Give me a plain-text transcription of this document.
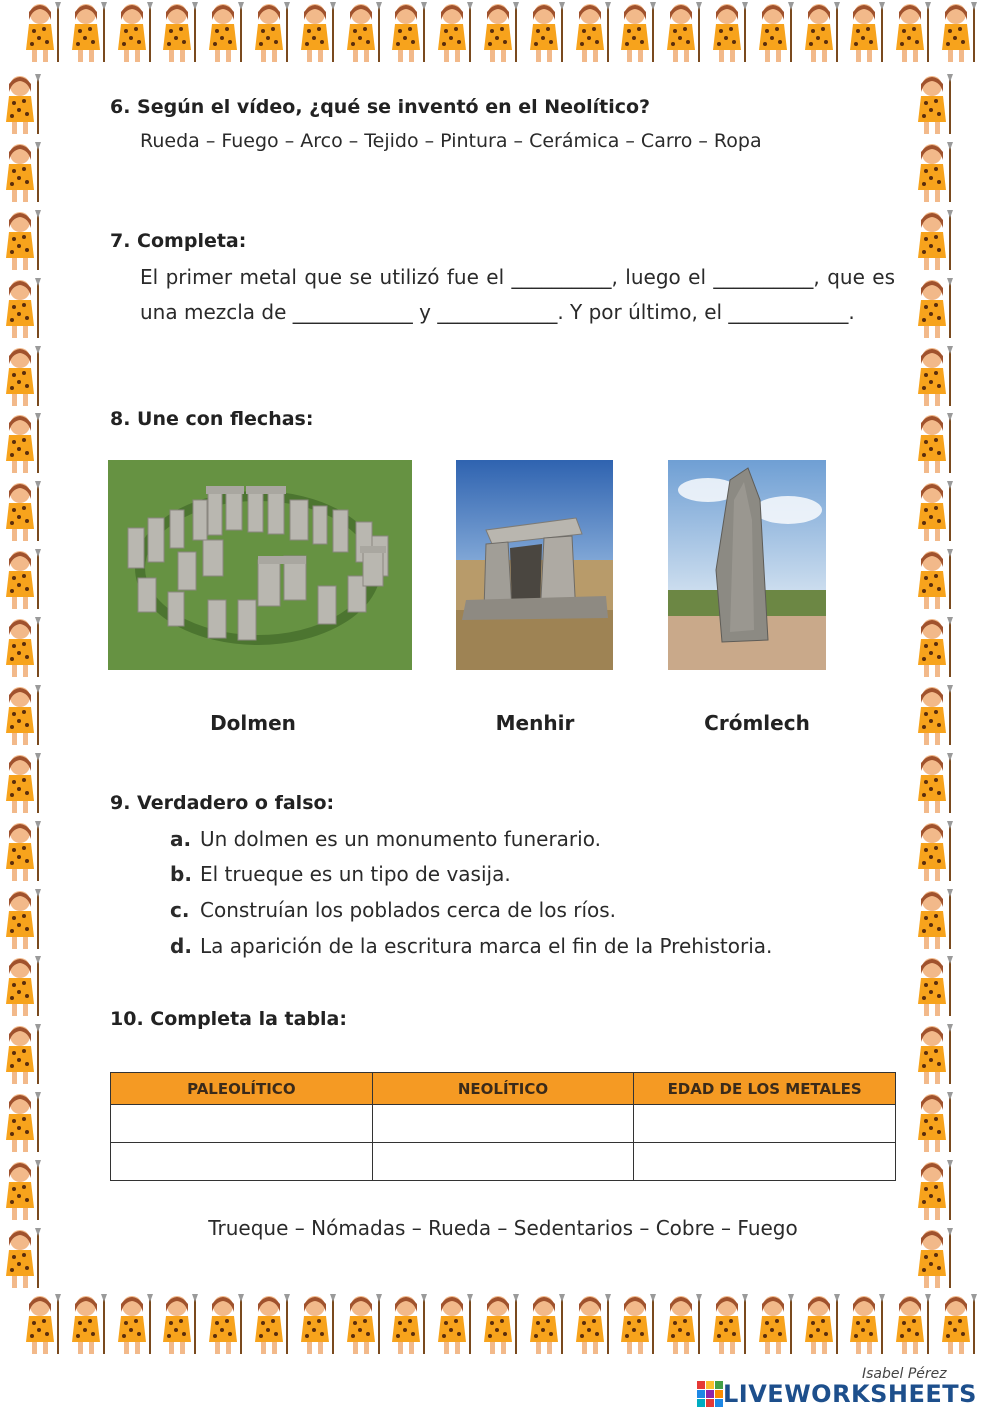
6. Según el vídeo, ¿qué se inventó en el Neolítico?
Rueda – Fuego – Arco – Tejido – Pintura – Cerámica – Carro – Ropa
7. Completa:
El primer metal que se utilizó fue el __________, luego el __________, que es una mezcla de ____________ y ____________. Y por último, el ____________.
8. Une con flechas:
Dolmen	Menhir	Crómlech
9. Verdadero o falso:
a. Un dolmen es un monumento funerario.
b. El trueque es un tipo de vasija.
c. Construían los poblados cerca de los ríos.
d. La aparición de la escritura marca el fin de la Prehistoria.
10. Completa la tabla:
PALEOLÍTICO	NEOLÍTICO	EDAD DE LOS METALES

Trueque – Nómadas – Rueda – Sedentarios – Cobre – Fuego
Isabel Pérez
LIVEWORKSHEETS
